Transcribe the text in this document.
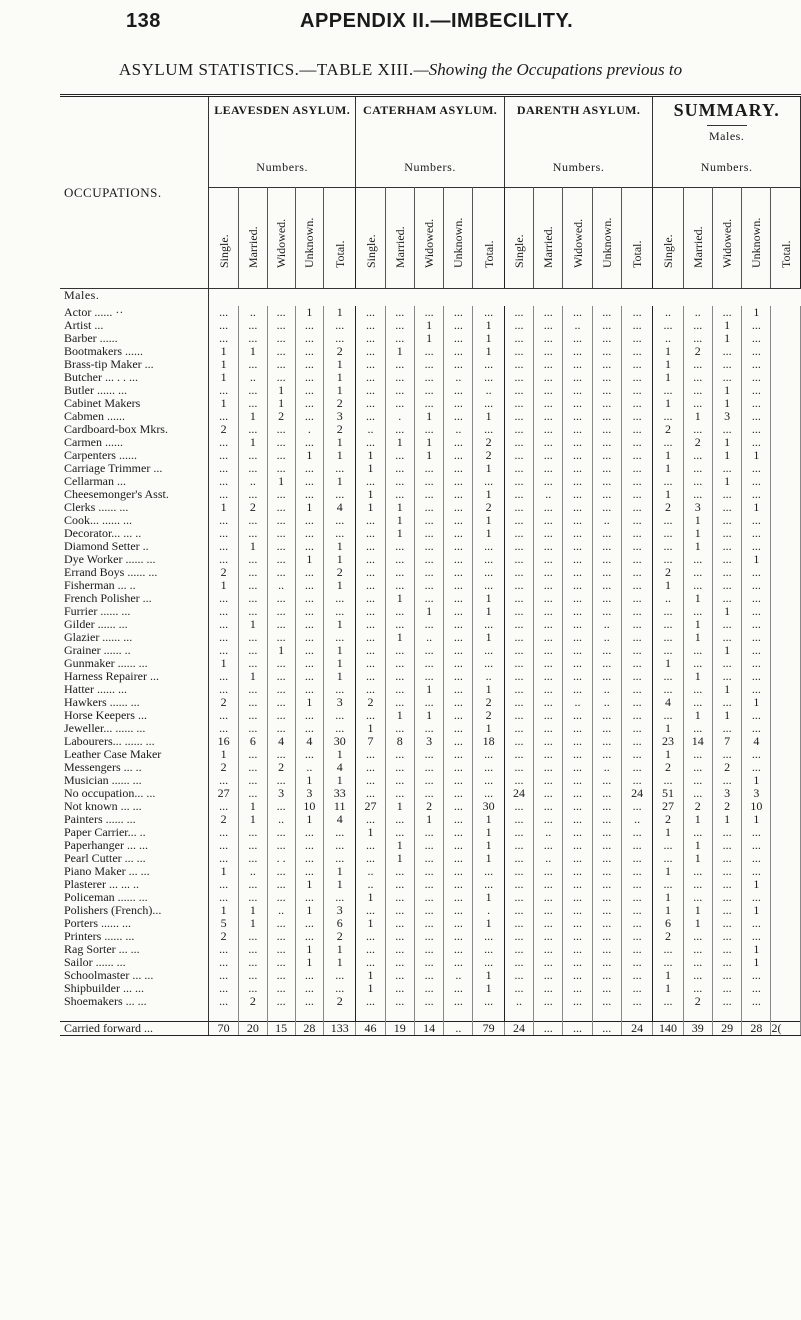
138	APPENDIX II.—IMBECILITY.
ASYLUM STATISTICS.—TABLE XIII.—Showing the Occupations previous to
OCCUPATIONS.	LEAVESDEN ASYLUM.					CATERHAM ASYLUM.					DARENTH ASYLUM.					SUMMARY.
Males.				

	Numbers.					Numbers.					Numbers.					Numbers.				

	Single.	Married.	Widowed.	Unknown.	Total.	Single.	Married.	Widowed.	Unknown.	Total.	Single.	Married.	Widowed.	Unknown.	Total.	Single.	Married.	Widowed.	Unknown.	Total.

Males.																				
Actor ...... ··	...	..	...	1	1	...	...	...	...	...	...	...	...	...	...	..	..	...	1	
Artist ...	...	...	...	...	...	...	...	1	...	1	...	...	..	...	...	...	...	1	...	
Barber ......	...	...	...	...	...	...	...	1	...	1	...	...	...	...	...	..	...	1	...	
Bootmakers ......	1	1	...	...	2	...	1	...	...	1	...	...	...	...	...	1	2	...	...	
Brass-tip Maker ...	1	...	...	...	1	...	...	...	...	...	...	...	...	...	...	1	...	...	...	
Butcher ... . . ...	1	..	...	...	1	...	...	...	..	...	...	...	...	...	...	1	...	...	...	
Butler ...... ...	...	...	1	...	1	...	...	...	...	..	...	...	...	...	...	...	...	1	...	
Cabinet Makers	1	...	1	...	2	...	...	...	...	...	...	...	...	...	...	1	...	1	...	
Cabmen ......	...	1	2	...	3	...	.	1	...	1	...	...	...	...	...	...	1	3	...	
Cardboard-box Mkrs.	2	...	...	.	2	..	...	...	..	...	...	...	...	...	...	2	...	...	...	
Carmen ......	...	1	...	...	1	...	1	1	...	2	...	...	...	...	...	...	2	1	...	
Carpenters ......	...	...	...	1	1	1	...	1	...	2	...	...	...	...	...	1	...	1	1	
Carriage Trimmer ...	...	...	...	...	...	1	...	...	...	1	...	...	...	...	...	1	...	...	...	
Cellarman ...	...	..	1	...	1	...	...	...	...	...	...	...	...	...	...	...	...	1	...	
Cheesemonger's Asst.	...	...	...	...	...	1	...	...	...	1	...	..	...	...	...	1	...	...	...	
Clerks ...... ...	1	2	...	1	4	1	1	...	...	2	...	...	...	...	...	2	3	...	1	
Cook... ...... ...	...	...	...	...	...	...	1	...	...	1	...	...	...	..	...	...	1	...	...	
Decorator... ... ..	...	...	...	...	...	...	1	...	...	1	...	...	...	...	...	...	1	...	...	
Diamond Setter ..	...	1	...	...	1	...	...	...	...	...	...	...	...	...	...	...	1	...	...	
Dye Worker ...... ...	...	...	...	1	1	...	...	...	...	...	...	...	...	...	...	...	...	...	1	
Errand Boys ...... ...	2	...	...	...	2	...	...	...	...	...	...	...	...	...	...	2	...	...	...	
Fisherman ... ..	1	...	..	...	1	...	...	...	...	...	...	...	...	...	...	1	...	...	...	
French Polisher ...	...	...	...	...	...	...	1	...	...	1	...	...	...	...	...	..	1	...	...	
Furrier ...... ...	...	...	...	...	...	...	...	1	...	1	...	...	...	...	...	...	...	1	...	
Gilder ...... ...	...	1	...	...	1	...	...	...	...	...	...	...	...	..	...	...	1	...	...	
Glazier ...... ...	...	...	...	...	...	...	1	..	...	1	...	...	...	..	...	...	1	...	...	
Grainer ...... ..	...	...	1	...	1	...	...	...	...	...	...	...	...	...	...	...	...	1	...	
Gunmaker ...... ...	1	...	...	...	1	...	...	...	...	...	...	...	...	...	...	1	...	...	...	
Harness Repairer ...	...	1	...	...	1	...	...	...	...	..	...	...	...	...	...	...	1	...	...	
Hatter ...... ...	...	...	...	...	...	...	...	1	...	1	...	...	...	..	...	...	...	1	...	
Hawkers ...... ...	2	...	...	1	3	2	...	...	...	2	...	...	..	..	...	4	...	...	1	
Horse Keepers ...	...	...	...	...	...	...	1	1	...	2	...	...	...	...	...	...	1	1	...	
Jeweller... ...... ...	...	...	...	...	...	1	...	...	...	1	...	...	...	...	...	1	...	...	...	
Labourers... ...... ...	16	6	4	4	30	7	8	3	...	18	...	...	...	...	...	23	14	7	4	
Leather Case Maker	1	...	...	...	1	...	...	...	...	...	...	...	...	...	...	1	...	...	...	
Messengers ... ..	2	...	2	..	4	...	...	...	...	...	...	...	...	..	...	2	...	2	...	
Musician ...... ...	...	...	...	1	1	...	...	...	...	...	...	...	...	...	...	...	...	...	1	
No occupation... ...	27	...	3	3	33	...	...	...	...	...	24	...	...	...	24	51	...	3	3	
Not known ... ...	...	1	...	10	11	27	1	2	...	30	...	...	...	...	...	27	2	2	10	
Painters ...... ...	2	1	..	1	4	...	...	1	...	1	...	...	...	...	..	2	1	1	1	
Paper Carrier... ..	...	...	...	...	...	1	...	...	...	1	...	..	...	...	...	1	...	...	...	
Paperhanger ... ...	...	...	...	...	...	...	1	...	...	1	...	...	...	...	...	...	1	...	...	
Pearl Cutter ... ...	...	...	. .	...	...	...	1	...	...	1	...	..	...	...	...	...	1	...	...	
Piano Maker ... ...	1	..	...	...	1	..	...	...	...	...	...	...	...	...	...	1	...	...	...	
Plasterer ... ... ..	...	...	...	1	1	..	...	...	...	...	...	...	...	...	...	...	...	...	1	
Policeman ...... ...	...	...	...	...	...	1	...	...	...	1	...	...	...	...	...	1	...	...	...	
Polishers (French)...	1	1	..	1	3	...	...	...	...	.	...	...	...	...	...	1	1	...	1	
Porters ...... ...	5	1	...	...	6	1	...	...	...	1	...	...	...	...	...	6	1	...	...	
Printers ...... ...	2	...	...	...	2	...	...	...	...	...	...	...	...	...	...	2	...	...	...	
Rag Sorter ... ...	...	...	...	1	1	...	...	...	...	...	...	...	...	...	...	...	...	...	1	
Sailor ...... ...	...	...	...	1	1	...	...	...	...	...	...	...	...	...	...	...	...	...	1	
Schoolmaster ... ...	...	...	...	...	...	1	...	...	..	1	...	...	...	...	...	1	...	...	...	
Shipbuilder ... ...	...	...	...	...	...	1	...	...	...	1	...	...	...	...	...	1	...	...	...	
Shoemakers ... ...	...	2	...	...	2	...	...	...	...	...	..	...	...	...	...	...	2	...	...	

Carried forward ...	70	20	15	28	133	46	19	14	..	79	24	...	...	...	24	140	39	29	28	2(
